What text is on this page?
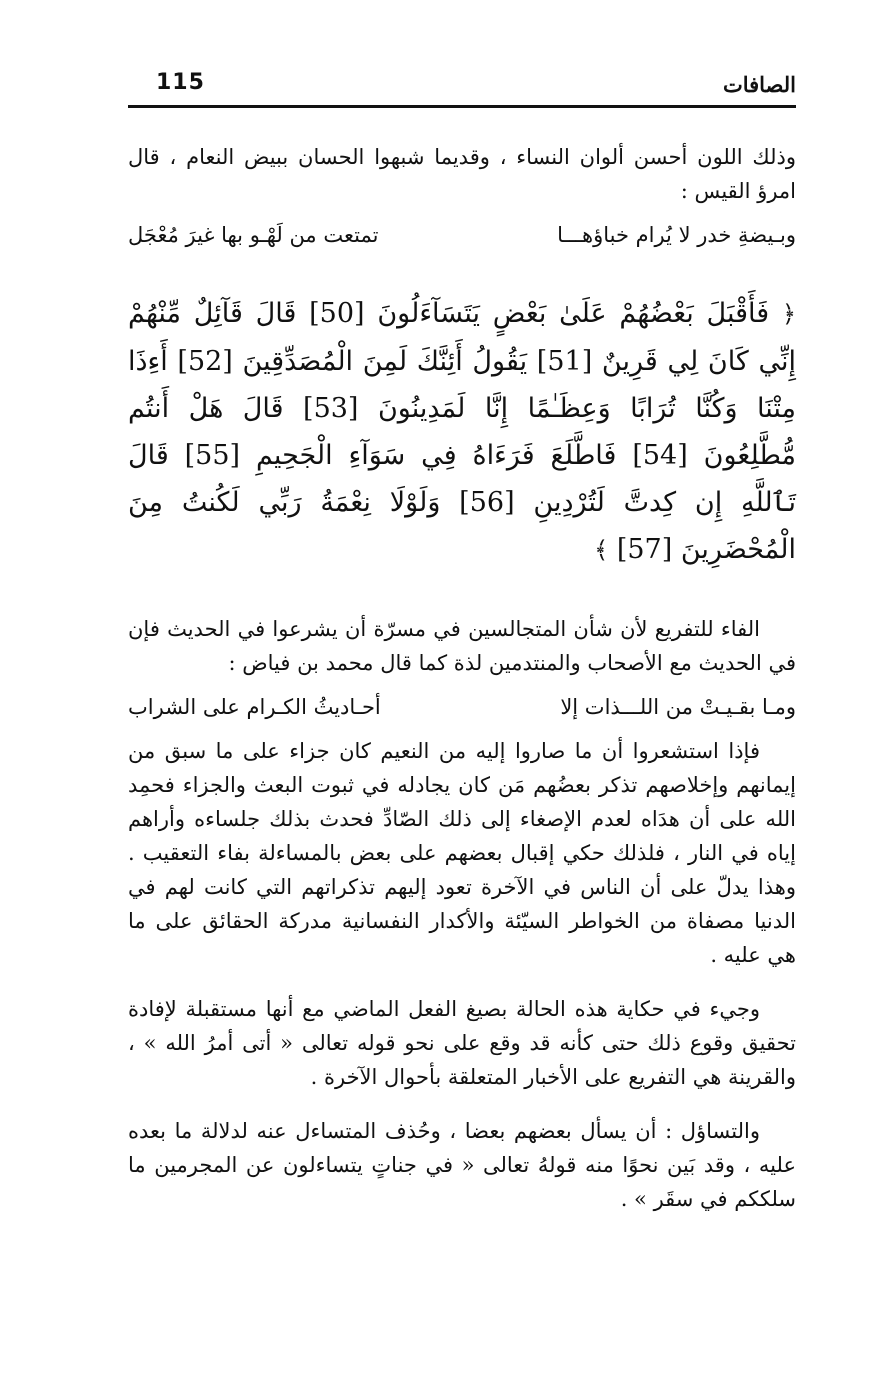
115	الصافات

وذلك اللون أحسن ألوان النساء ، وقديما شبهوا الحسان ببيض النعام ، قال امرؤ القيس :

وبـيضةِ خدر لا يُرام خباؤهـــا
تمتعت من لَهْـو بها غيرَ مُعْجَل
﴿ فَأَقْبَلَ بَعْضُهُمْ عَلَىٰ بَعْضٍ يَتَسَآءَلُونَ [50] قَالَ قَآئِلٌ مِّنْهُمْ إِنِّي كَانَ لِي قَرِينٌ [51] يَقُولُ أَئِنَّكَ لَمِنَ الْمُصَدِّقِينَ [52] أَءِذَا مِتْنَا وَكُنَّا تُرَابًا وَعِظَـٰمًا إِنَّا لَمَدِينُونَ [53] قَالَ هَلْ أَنتُم مُّطَّلِعُونَ [54] فَاطَّلَعَ فَرَءَاهُ فِي سَوَآءِ الْجَحِيمِ [55] قَالَ تَٱللَّهِ إِن كِدتَّ لَتُرْدِينِ [56] وَلَوْلَا نِعْمَةُ رَبِّي لَكُنتُ مِنَ الْمُحْضَرِينَ [57] ﴾

الفاء للتفريع لأن شأن المتجالسين في مسرّة أن يشرعوا في الحديث فإن في الحديث مع الأصحاب والمنتدمين لذة كما قال محمد بن فياض :

ومـا بقـيـتْ من اللـــذات إلا
أحـاديثُ الكـرام على الشراب

فإذا استشعروا أن ما صاروا إليه من النعيم كان جزاء على ما سبق من إيمانهم وإخلاصهم تذكر بعضُهم مَن كان يجادله في ثبوت البعث والجزاء فحمِد الله على أن هدَاه لعدم الإصغاء إلى ذلك الصّادِّ فحدث بذلك جلساءه وأراهم إياه في النار ، فلذلك حكي إقبال بعضهم على بعض بالمساءلة بفاء التعقيب . وهذا يدلّ على أن الناس في الآخرة تعود إليهم تذكراتهم التي كانت لهم في الدنيا مصفاة من الخواطر السيّئة والأكدار النفسانية مدركة الحقائق على ما هي عليه .

وجيء في حكاية هذه الحالة بصيغ الفعل الماضي مع أنها مستقبلة لإفادة تحقيق وقوع ذلك حتى كأنه قد وقع على نحو قوله تعالى « أتى أمرُ الله » ، والقرينة هي التفريع على الأخبار المتعلقة بأحوال الآخرة .

والتساؤل : أن يسأل بعضهم بعضا ، وحُذف المتساءل عنه لدلالة ما بعده عليه ، وقد بَين نحوًا منه قولهُ تعالى « في جناتٍ يتساءلون عن المجرمين ما سلككم في سقَر » .
